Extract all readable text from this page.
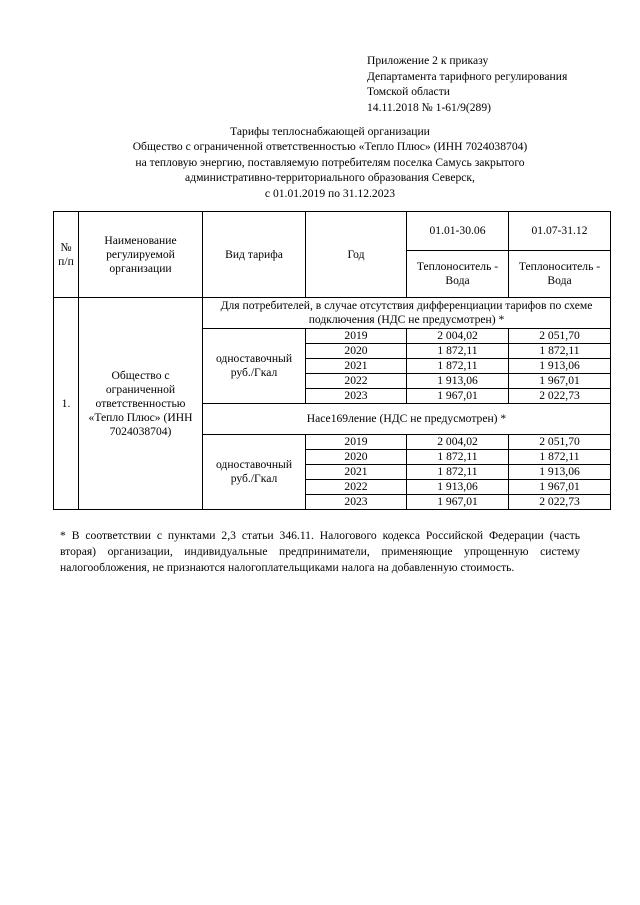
Приложение 2 к приказу
Департамента тарифного регулирования
Томской области
14.11.2018 № 1-61/9(289)
Тарифы теплоснабжающей организации
Общество с ограниченной ответственностью «Тепло Плюс» (ИНН 7024038704)
на тепловую энергию, поставляемую потребителям поселка Самусь закрытого
административно-территориального образования Северск,
с 01.01.2019 по 31.12.2023
№ п/п	Наименование регулируемой организации	Вид тарифа	Год	01.01-30.06	01.07-31.12
				Теплоноситель - Вода	Теплоноситель - Вода
1.	Общество с ограниченной ответственностью «Тепло Плюс» (ИНН 7024038704)	Для потребителей, в случае отсутствия дифференциации тарифов по схеме подключения (НДС не предусмотрен) *			
		одноставочный руб./Гкал	2019	2 004,02	2 051,70
			2020	1 872,11	1 872,11
			2021	1 872,11	1 913,06
			2022	1 913,06	1 967,01
			2023	1 967,01	2 022,73
		Насе169ление (НДС не предусмотрен) *			
		одноставочный руб./Гкал	2019	2 004,02	2 051,70
			2020	1 872,11	1 872,11
			2021	1 872,11	1 913,06
			2022	1 913,06	1 967,01
			2023	1 967,01	2 022,73
* В соответствии с пунктами 2,3 статьи 346.11. Налогового кодекса Российской Федерации (часть вторая) организации, индивидуальные предприниматели, применяющие упрощенную систему налогообложения, не признаются налогоплательщиками налога на добавленную стоимость.
